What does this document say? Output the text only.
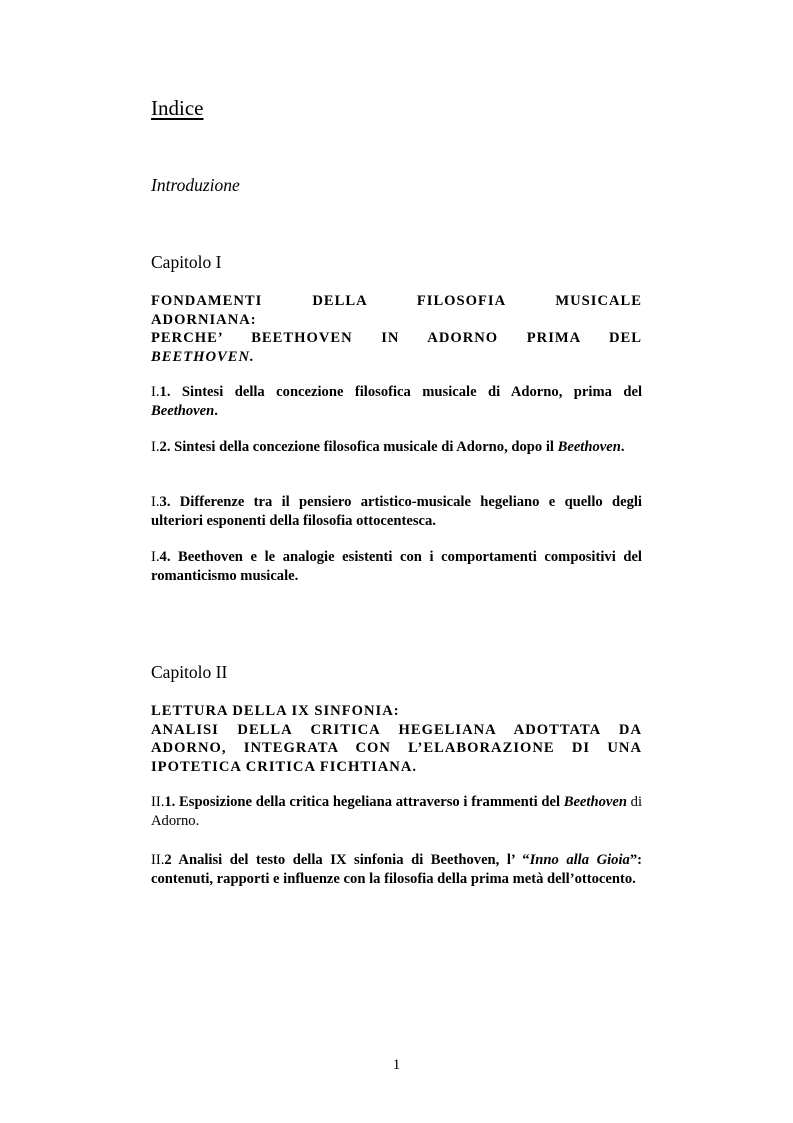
Indice
Introduzione
Capitolo I
FONDAMENTI DELLA FILOSOFIA MUSICALE
ADORNIANA:
PERCHE’ BEETHOVEN IN ADORNO PRIMA DEL
BEETHOVEN.
I.1. Sintesi della concezione filosofica musicale di Adorno, prima del Beethoven.
I.2. Sintesi della concezione filosofica musicale di Adorno, dopo il Beethoven.
I.3. Differenze tra il pensiero artistico-musicale hegeliano e quello degli ulteriori esponenti della filosofia ottocentesca.
I.4. Beethoven e le analogie esistenti con i comportamenti compositivi del romanticismo musicale.
Capitolo II
LETTURA DELLA IX SINFONIA:
ANALISI DELLA CRITICA HEGELIANA ADOTTATA DA
ADORNO, INTEGRATA CON L’ELABORAZIONE DI UNA
IPOTETICA CRITICA FICHTIANA.
II.1. Esposizione della critica hegeliana attraverso i frammenti del Beethoven di Adorno.
II.2 Analisi del testo della IX sinfonia di Beethoven, l’ “Inno alla Gioia”: contenuti, rapporti e influenze con la filosofia della prima metà dell’ottocento.
1
